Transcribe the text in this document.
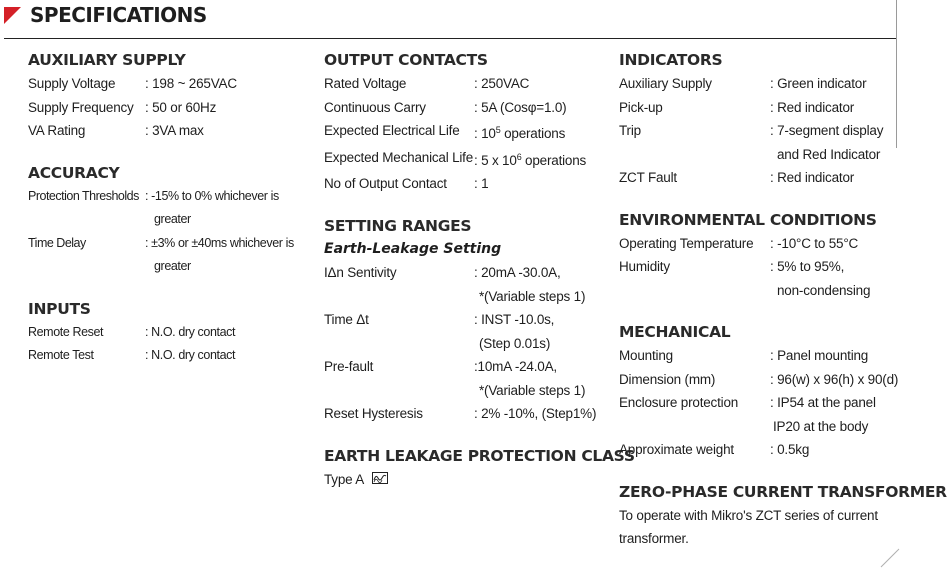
SPECIFICATIONS
AUXILIARY SUPPLY
Supply Voltage	: 198 ~ 265VAC
Supply Frequency : 50 or 60Hz
VA Rating	: 3VA max
ACCURACY
Protection Thresholds : -15% to 0% whichever is
greater
Time Delay	: ±3% or ±40ms whichever is
greater
INPUTS
Remote Reset	: N.O. dry contact
Remote Test	: N.O. dry contact
OUTPUT CONTACTS
Rated Voltage	: 250VAC
Continuous Carry	: 5A (Cosφ=1.0)
Expected Electrical Life	: $10^5$ operations
Expected Mechanical Life : 5 x $10^6$ operations
No of Output Contact	: 1
SETTING RANGES
Earth-Leakage Setting
IΔn Sentivity	: 20mA -30.0A,
*(Variable steps 1)
Time Δt	: INST -10.0s,
(Step 0.01s)
Pre-fault	:10mA -24.0A,
*(Variable steps 1)
Reset Hysteresis	: 2% -10%, (Step1%)
EARTH LEAKAGE PROTECTION CLASS
Type A
INDICATORS
Auxiliary Supply	: Green indicator
Pick-up	: Red indicator
Trip	: 7-segment display
and Red Indicator
ZCT Fault	: Red indicator
ENVIRONMENTAL CONDITIONS
Operating Temperature	: -10°C to 55°C
Humidity	: 5% to 95%,
non-condensing
MECHANICAL
Mounting	: Panel mounting
Dimension (mm)	: 96(w) x 96(h) x 90(d)
Enclosure protection	: IP54 at the panel
IP20 at the body
Approximate weight	: 0.5kg
ZERO-PHASE CURRENT TRANSFORMER
To operate with Mikro's ZCT series of current transformer.
